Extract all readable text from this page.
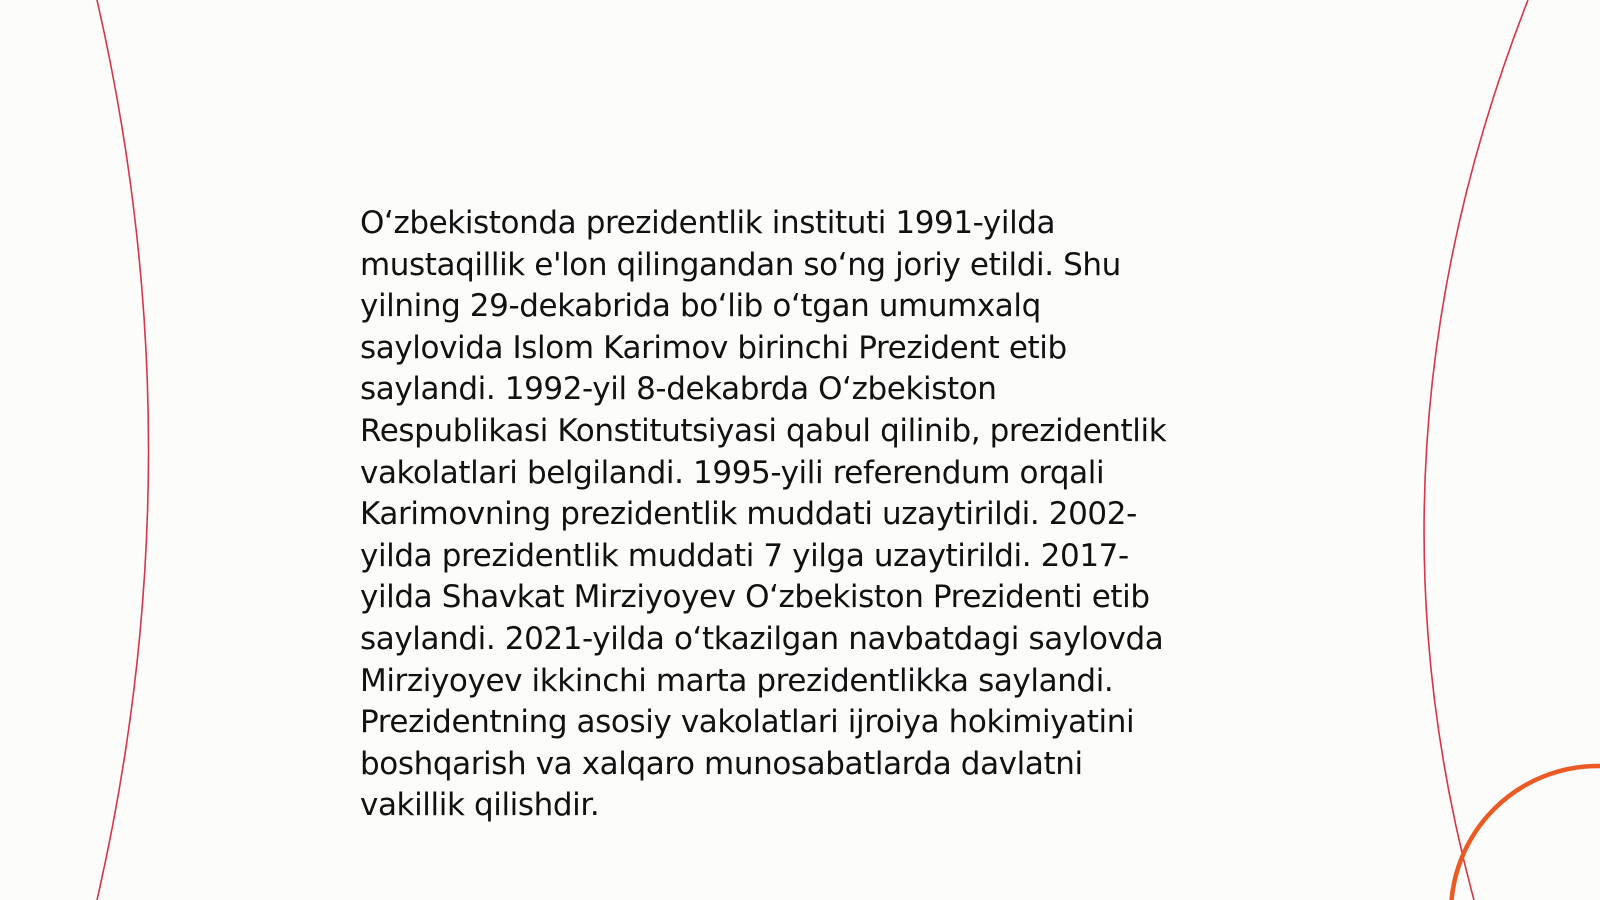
O‘zbekistonda prezidentlik instituti 1991-yilda
mustaqillik e'lon qilingandan so‘ng joriy etildi. Shu
yilning 29-dekabrida bo‘lib o‘tgan umumxalq
saylovida Islom Karimov birinchi Prezident etib
saylandi. 1992-yil 8-dekabrda O‘zbekiston
Respublikasi Konstitutsiyasi qabul qilinib, prezidentlik
vakolatlari belgilandi. 1995-yili referendum orqali
Karimovning prezidentlik muddati uzaytirildi. 2002-
yilda prezidentlik muddati 7 yilga uzaytirildi. 2017-
yilda Shavkat Mirziyoyev O‘zbekiston Prezidenti etib
saylandi. 2021-yilda o‘tkazilgan navbatdagi saylovda
Mirziyoyev ikkinchi marta prezidentlikka saylandi.
Prezidentning asosiy vakolatlari ijroiya hokimiyatini
boshqarish va xalqaro munosabatlarda davlatni
vakillik qilishdir.
